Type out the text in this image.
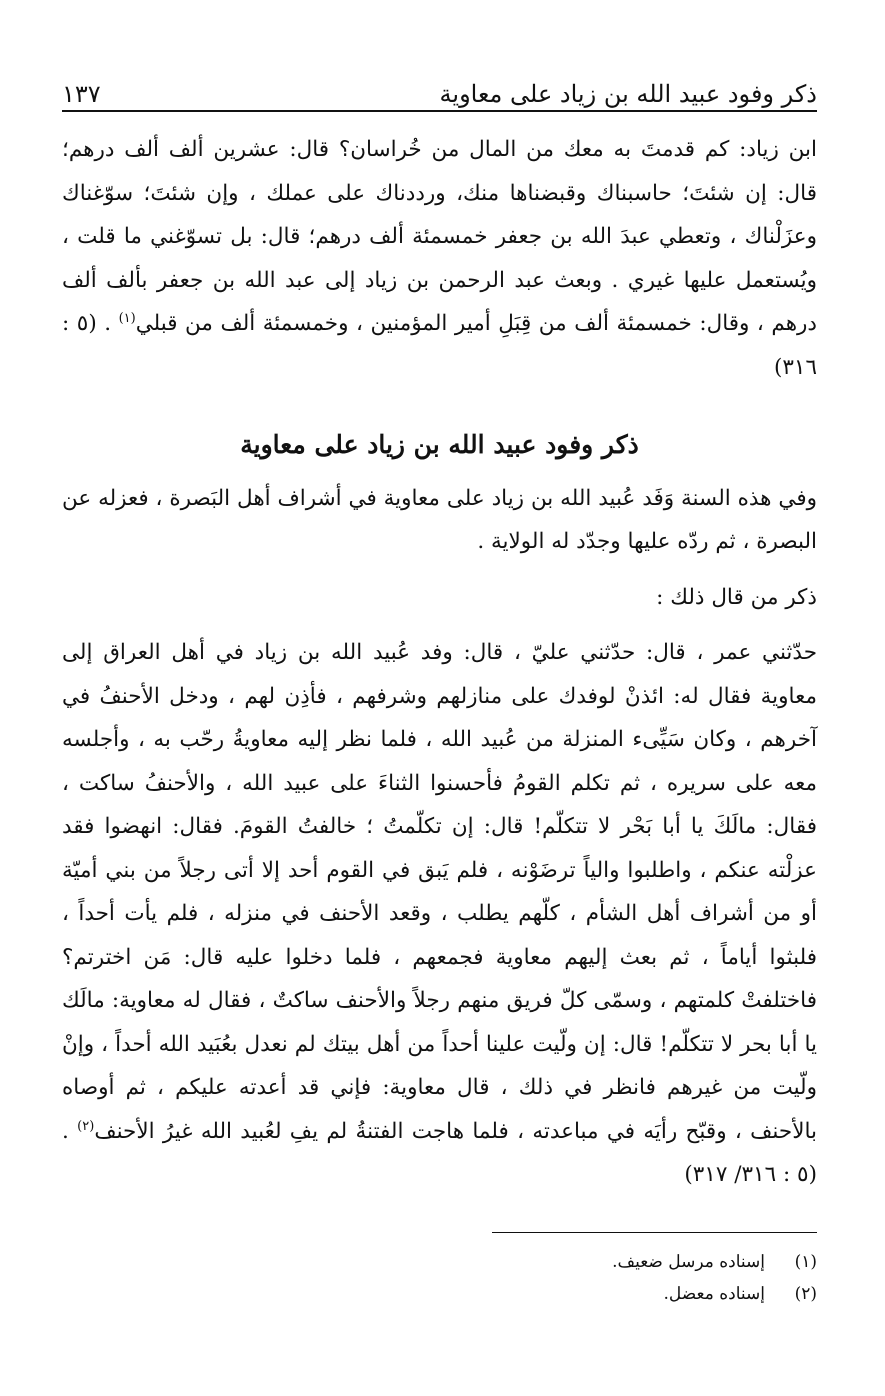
ذكر وفود عبيد الله بن زياد على معاوية
١٣٧

ابن زياد: كم قدمتَ به معك من المال من خُراسان؟ قال: عشرين ألف ألف درهم؛ قال: إن شئتَ؛ حاسبناك وقبضناها منك، ورددناك على عملك ، وإن شئتَ؛ سوّغناك وعزَلْناك ، وتعطي عبدَ الله بن جعفر خمسمئة ألف درهم؛ قال: بل تسوّغني ما قلت ، ويُستعمل عليها غيري . وبعث عبد الرحمن بن زياد إلى عبد الله بن جعفر بألف ألف درهم ، وقال: خمسمئة ألف من قِبَلِ أمير المؤمنين ، وخمسمئة ألف من قبلي$^{(١)}$ . (٥ : ٣١٦)

ذكر وفود عبيد الله بن زياد على معاوية

وفي هذه السنة وَفَد عُبيد الله بن زياد على معاوية في أشراف أهل البَصرة ، فعزله عن البصرة ، ثم ردّه عليها وجدّد له الولاية .

ذكر من قال ذلك :

حدّثني عمر ، قال: حدّثني عليّ ، قال: وفد عُبيد الله بن زياد في أهل العراق إلى معاوية فقال له: ائذنْ لوفدك على منازلهم وشرفهم ، فأذِن لهم ، ودخل الأحنفُ في آخرهم ، وكان سَيِّىء المنزلة من عُبيد الله ، فلما نظر إليه معاويةُ رحّب به ، وأجلسه معه على سريره ، ثم تكلم القومُ فأحسنوا الثناءَ على عبيد الله ، والأحنفُ ساكت ، فقال: مالَكَ يا أبا بَحْر لا تتكلّم! قال: إن تكلّمتُ ؛ خالفتُ القومَ. فقال: انهضوا فقد عزلْته عنكم ، واطلبوا والياً ترضَوْنه ، فلم يَبق في القوم أحد إلا أتى رجلاً من بني أميّة أو من أشراف أهل الشأم ، كلّهم يطلب ، وقعد الأحنف في منزله ، فلم يأت أحداً ، فلبثوا أياماً ، ثم بعث إليهم معاوية فجمعهم ، فلما دخلوا عليه قال: مَن اخترتم؟ فاختلفتْ كلمتهم ، وسمّى كلّ فريق منهم رجلاً والأحنف ساكتٌ ، فقال له معاوية: مالَك يا أبا بحر لا تتكلّم! قال: إن ولّيت علينا أحداً من أهل بيتك لم نعدل بعُبَيد الله أحداً ، وإنْ ولّيت من غيرهم فانظر في ذلك ، قال معاوية: فإني قد أعدته عليكم ، ثم أوصاه بالأحنف ، وقبّح رأيَه في مباعدته ، فلما هاجت الفتنةُ لم يفِ لعُبيد الله غيرُ الأحنف$^{(٢)}$ . (٥ : ٣١٦/ ٣١٧)

(١)
إسناده مرسل ضعيف.
(٢)
إسناده معضل.
